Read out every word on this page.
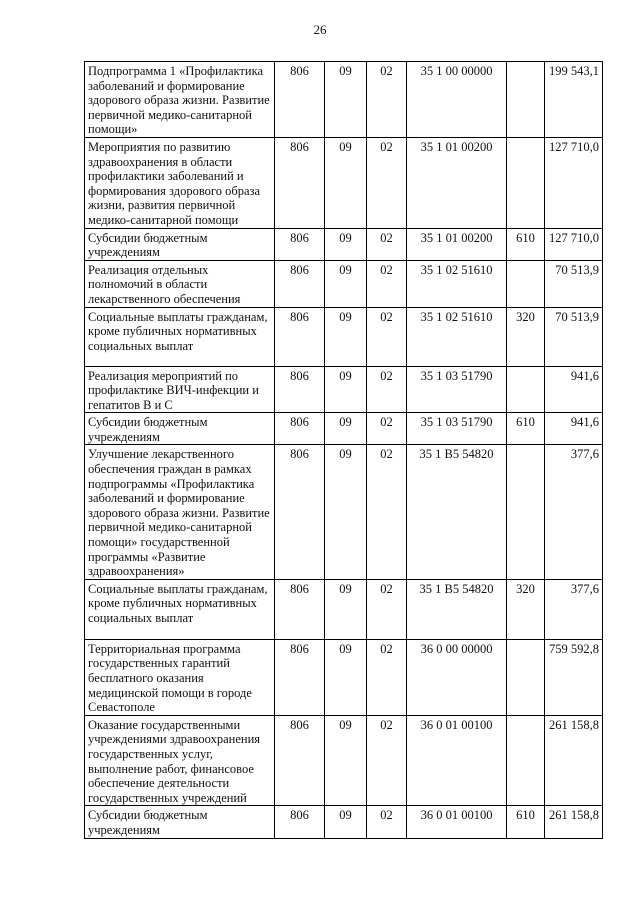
26
Подпрограмма 1 «Профилактика заболеваний и формирование здорового образа жизни. Развитие первичной медико-санитарной помощи»	806	09	02	35 1 00 00000		199 543,1
Мероприятия по развитию здравоохранения в области профилактики заболеваний и формирования здорового образа жизни, развития первичной медико-санитарной помощи	806	09	02	35 1 01 00200		127 710,0
Субсидии бюджетным учреждениям	806	09	02	35 1 01 00200	610	127 710,0
Реализация отдельных полномочий в области лекарственного обеспечения	806	09	02	35 1 02 51610		70 513,9
Социальные выплаты гражданам, кроме публичных нормативных социальных выплат	806	09	02	35 1 02 51610	320	70 513,9
Реализация мероприятий по профилактике ВИЧ-инфекции и гепатитов В и С	806	09	02	35 1 03 51790		941,6
Субсидии бюджетным учреждениям	806	09	02	35 1 03 51790	610	941,6
Улучшение лекарственного обеспечения граждан в рамках подпрограммы «Профилактика заболеваний и формирование здорового образа жизни. Развитие первичной медико-санитарной помощи» государственной программы «Развитие здравоохранения»	806	09	02	35 1 В5 54820		377,6
Социальные выплаты гражданам, кроме публичных нормативных социальных выплат	806	09	02	35 1 В5 54820	320	377,6
Территориальная программа государственных гарантий бесплатного оказания медицинской помощи в городе Севастополе	806	09	02	36 0 00 00000		759 592,8
Оказание государственными учреждениями здравоохранения государственных услуг, выполнение работ, финансовое обеспечение деятельности государственных учреждений	806	09	02	36 0 01 00100		261 158,8
Субсидии бюджетным учреждениям	806	09	02	36 0 01 00100	610	261 158,8
